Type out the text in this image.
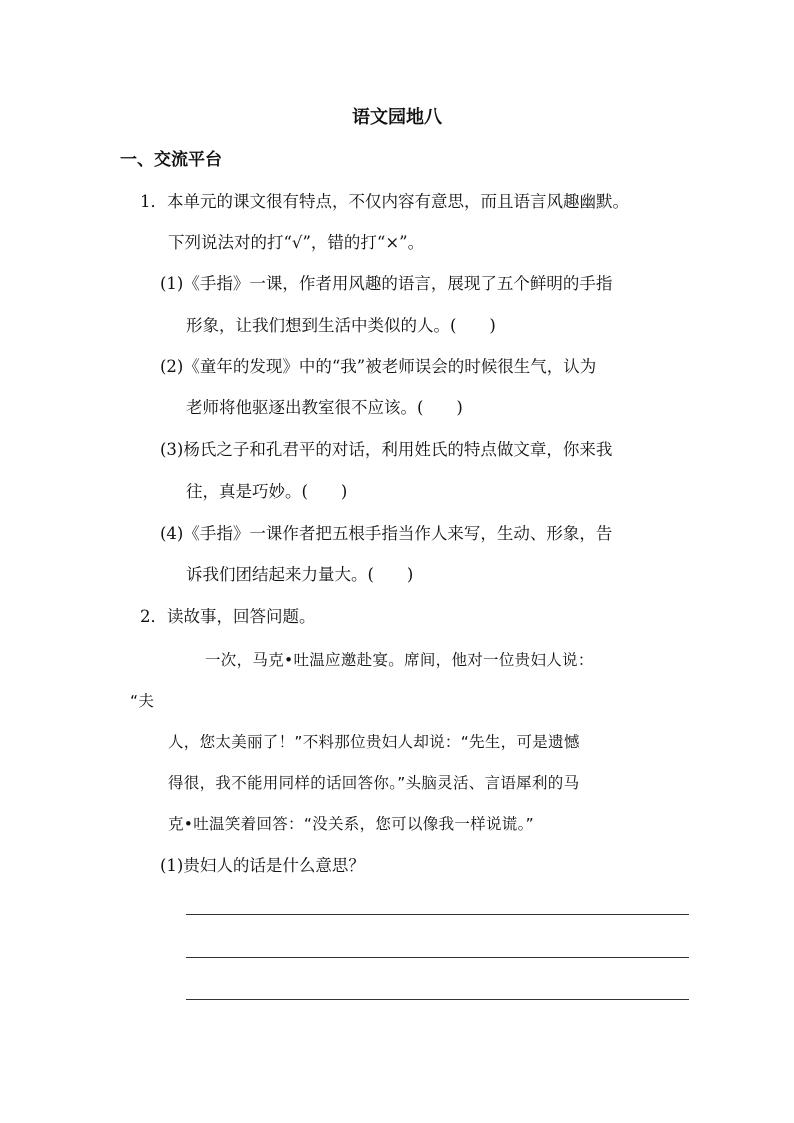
语文园地八
一、交流平台
1．本单元的课文很有特点，不仅内容有意思，而且语言风趣幽默。
下列说法对的打“√”，错的打“×”。
(1)《手指》一课，作者用风趣的语言，展现了五个鲜明的手指
形象，让我们想到生活中类似的人。(　　)
(2)《童年的发现》中的“我”被老师误会的时候很生气，认为
老师将他驱逐出教室很不应该。(　　)
(3)杨氏之子和孔君平的对话，利用姓氏的特点做文章，你来我
往，真是巧妙。(　　)
(4)《手指》一课作者把五根手指当作人来写，生动、形象，告
诉我们团结起来力量大。(　　)
2．读故事，回答问题。
一次，马克•吐温应邀赴宴。席间，他对一位贵妇人说：
“夫
人，您太美丽了！”不料那位贵妇人却说：“先生，可是遗憾
得很，我不能用同样的话回答你。”头脑灵活、言语犀利的马
克•吐温笑着回答：“没关系，您可以像我一样说谎。”
(1)贵妇人的话是什么意思？
